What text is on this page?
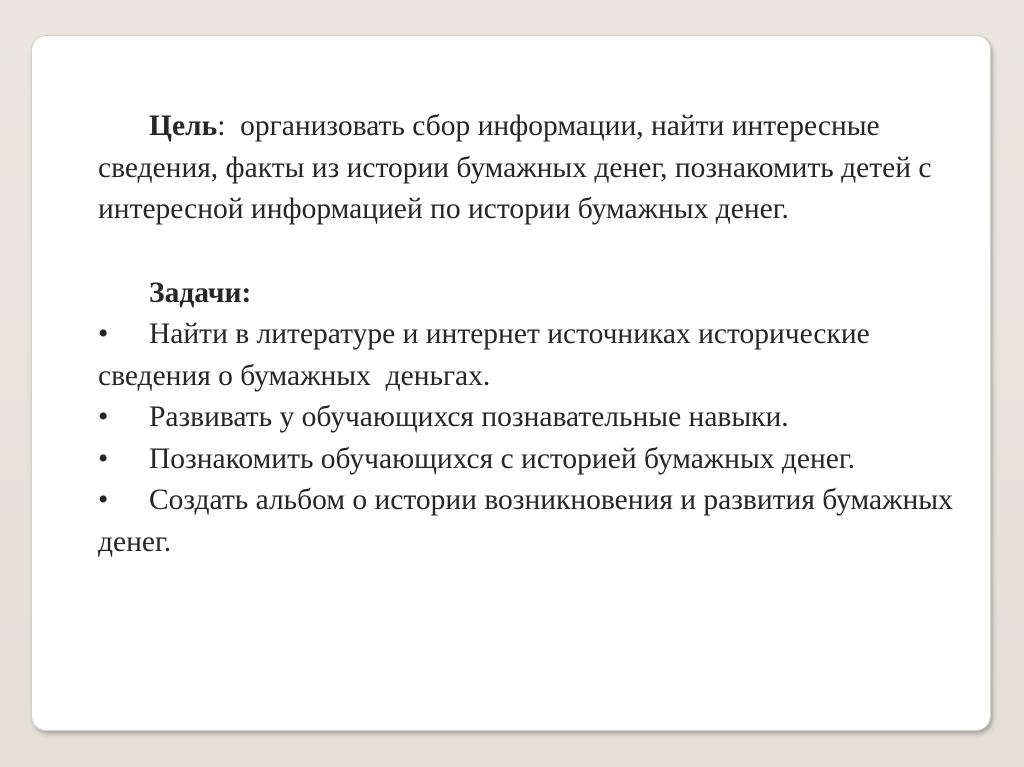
Цель:  организовать сбор информации, найти интересные сведения, факты из истории бумажных денег, познакомить детей с интересной информацией по истории бумажных денег.

Задачи:

• Найти в литературе и интернет источниках исторические сведения о бумажных  деньгах.
• Развивать у обучающихся познавательные навыки.
• Познакомить обучающихся с историей бумажных денег.
• Создать альбом о истории возникновения и развития бумажных денег.
